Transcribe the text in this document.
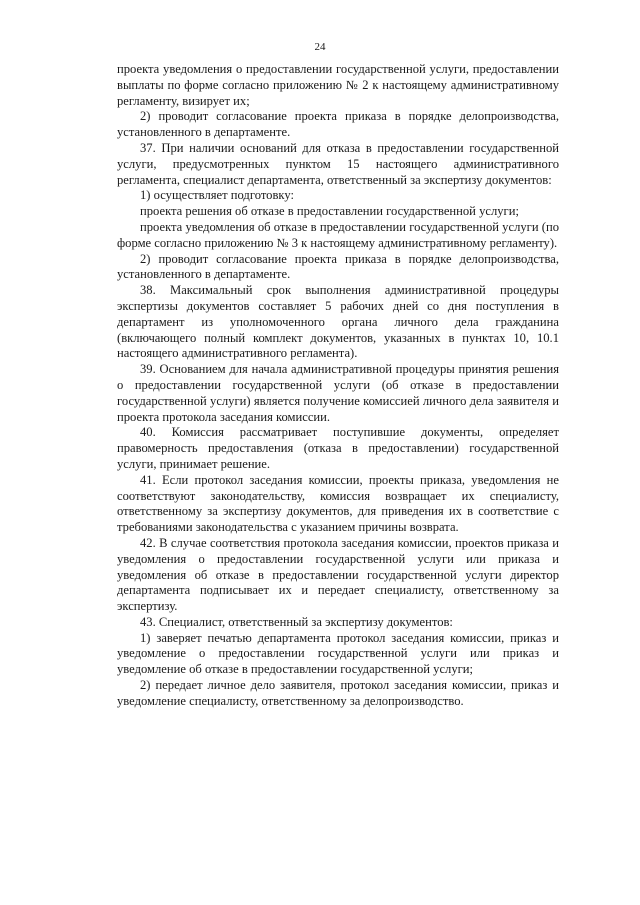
24

проекта уведомления о предоставлении государственной услуги, предоставлении выплаты по форме согласно приложению № 2 к настоящему административному регламенту, визирует их;

2) проводит согласование проекта приказа в порядке делопроизводства, установленного в департаменте.

37. При наличии оснований для отказа в предоставлении государственной услуги, предусмотренных пунктом 15 настоящего административного регламента, специалист департамента, ответственный за экспертизу документов:

1) осуществляет подготовку:

проекта решения об отказе в предоставлении государственной услуги;

проекта уведомления об отказе в предоставлении государственной услуги (по форме согласно приложению № 3 к настоящему административному регламенту).

2) проводит согласование проекта приказа в порядке делопроизводства, установленного в департаменте.

38. Максимальный срок выполнения административной процедуры экспертизы документов составляет 5 рабочих дней со дня поступления в департамент из уполномоченного органа личного дела гражданина (включающего полный комплект документов, указанных в пунктах 10, 10.1 настоящего административного регламента).

39. Основанием для начала административной процедуры принятия решения о предоставлении государственной услуги (об отказе в предоставлении государственной услуги) является получение комиссией личного дела заявителя и проекта протокола заседания комиссии.

40. Комиссия рассматривает поступившие документы, определяет правомерность предоставления (отказа в предоставлении) государственной услуги, принимает решение.

41. Если протокол заседания комиссии, проекты приказа, уведомления не соответствуют законодательству, комиссия возвращает их специалисту, ответственному за экспертизу документов, для приведения их в соответствие с требованиями законодательства с указанием причины возврата.

42. В случае соответствия протокола заседания комиссии, проектов приказа и уведомления о предоставлении государственной услуги или приказа и уведомления об отказе в предоставлении государственной услуги директор департамента подписывает их и передает специалисту, ответственному за экспертизу.

43. Специалист, ответственный за экспертизу документов:

1) заверяет печатью департамента протокол заседания комиссии, приказ и уведомление о предоставлении государственной услуги или приказ и уведомление об отказе в предоставлении государственной услуги;

2) передает личное дело заявителя, протокол заседания комиссии, приказ и уведомление специалисту, ответственному за делопроизводство.
